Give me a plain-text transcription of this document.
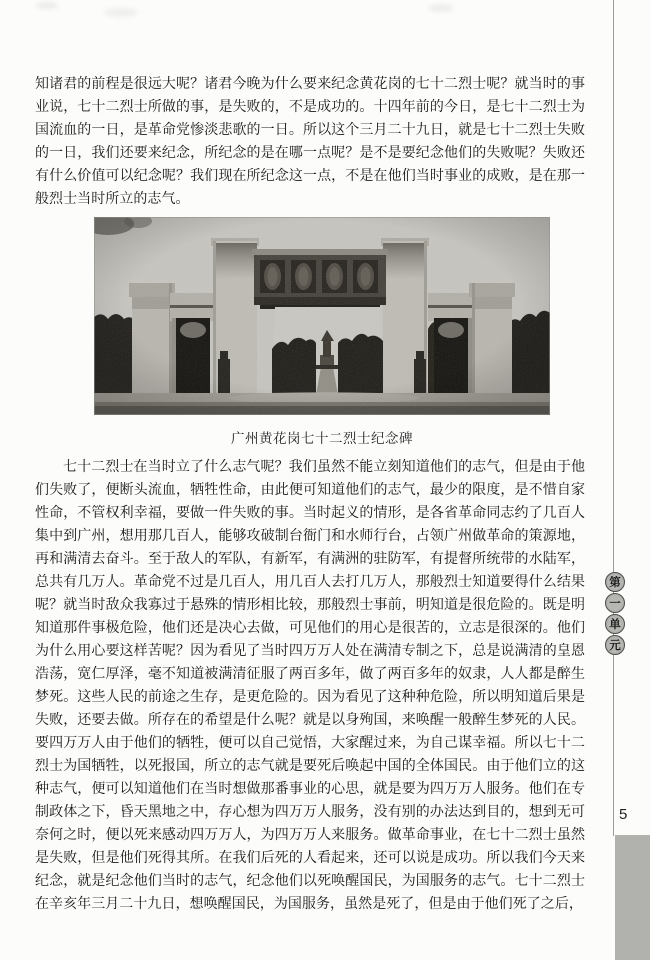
知诸君的前程是很远大呢？诸君今晚为什么要来纪念黄花岗的七十二烈士呢？就当时的事业说，七十二烈士所做的事，是失败的，不是成功的。十四年前的今日，是七十二烈士为国流血的一日，是革命党惨淡悲歌的一日。所以这个三月二十九日，就是七十二烈士失败的一日，我们还要来纪念，所纪念的是在哪一点呢？是不是要纪念他们的失败呢？失败还有什么价值可以纪念呢？我们现在所纪念这一点，不是在他们当时事业的成败，是在那一般烈士当时所立的志气。

广州黄花岗七十二烈士纪念碑

七十二烈士在当时立了什么志气呢？我们虽然不能立刻知道他们的志气，但是由于他们失败了，便断头流血，牺牲性命，由此便可知道他们的志气，最少的限度，是不惜自家性命，不管权利幸福，要做一件失败的事。当时起义的情形，是各省革命同志约了几百人集中到广州，想用那几百人，能够攻破制台衙门和水师行台，占领广州做革命的策源地，再和满清去奋斗。至于敌人的军队，有新军，有满洲的驻防军，有提督所统带的水陆军，总共有几万人。革命党不过是几百人，用几百人去打几万人，那般烈士知道要得什么结果呢？就当时敌众我寡过于悬殊的情形相比较，那般烈士事前，明知道是很危险的。既是明知道那件事极危险，他们还是决心去做，可见他们的用心是很苦的，立志是很深的。他们为什么用心要这样苦呢？因为看见了当时四万万人处在满清专制之下，总是说满清的皇恩浩荡，宽仁厚泽，毫不知道被满清征服了两百多年，做了两百多年的奴隶，人人都是醉生梦死。这些人民的前途之生存，是更危险的。因为看见了这种种危险，所以明知道后果是失败，还要去做。所存在的希望是什么呢？就是以身殉国，来唤醒一般醉生梦死的人民。要四万万人由于他们的牺牲，便可以自己觉悟，大家醒过来，为自己谋幸福。所以七十二烈士为国牺牲，以死报国，所立的志气就是要死后唤起中国的全体国民。由于他们立的这种志气，便可以知道他们在当时想做那番事业的心思，就是要为四万万人服务。他们在专制政体之下，昏天黑地之中，存心想为四万万人服务，没有别的办法达到目的，想到无可奈何之时，便以死来感动四万万人，为四万万人来服务。做革命事业，在七十二烈士虽然是失败，但是他们死得其所。在我们后死的人看起来，还可以说是成功。所以我们今天来纪念，就是纪念他们当时的志气，纪念他们以死唤醒国民，为国服务的志气。七十二烈士在辛亥年三月二十九日，想唤醒国民，为国服务，虽然是死了，但是由于他们死了之后，

第
一
单
元
5
